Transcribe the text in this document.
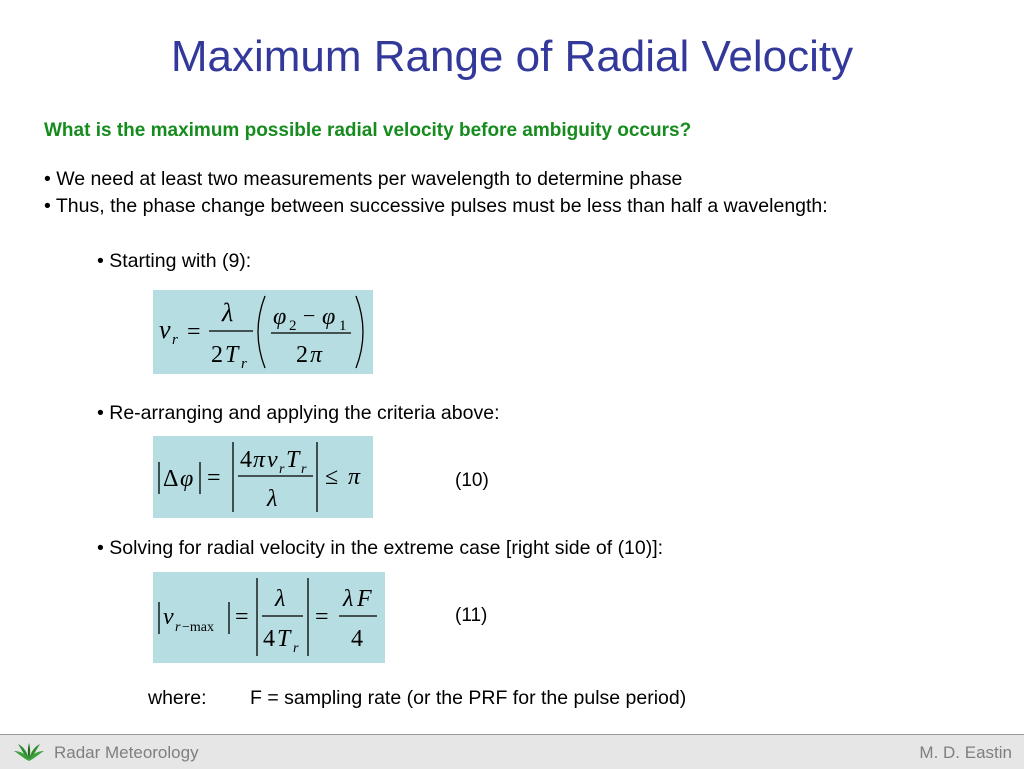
Maximum Range of Radial Velocity
What is the maximum possible radial velocity before ambiguity occurs?
• We need at least two measurements per wavelength to determine phase
• Thus, the phase change between successive pulses must be less than half a wavelength:
• Starting with (9):
v r =
λ
2 T r
φ 2 − φ 1
2 π
• Re-arranging and applying the criteria above:
Δ φ =
4 π v r T r
λ
≤ π	(10)
• Solving for radial velocity in the extreme case [right side of (10)]:
v r −max =
λ
4 T r
=
λ F
4
(11)
where: F = sampling rate (or the PRF for the pulse period)
Radar Meteorology	M. D. Eastin
